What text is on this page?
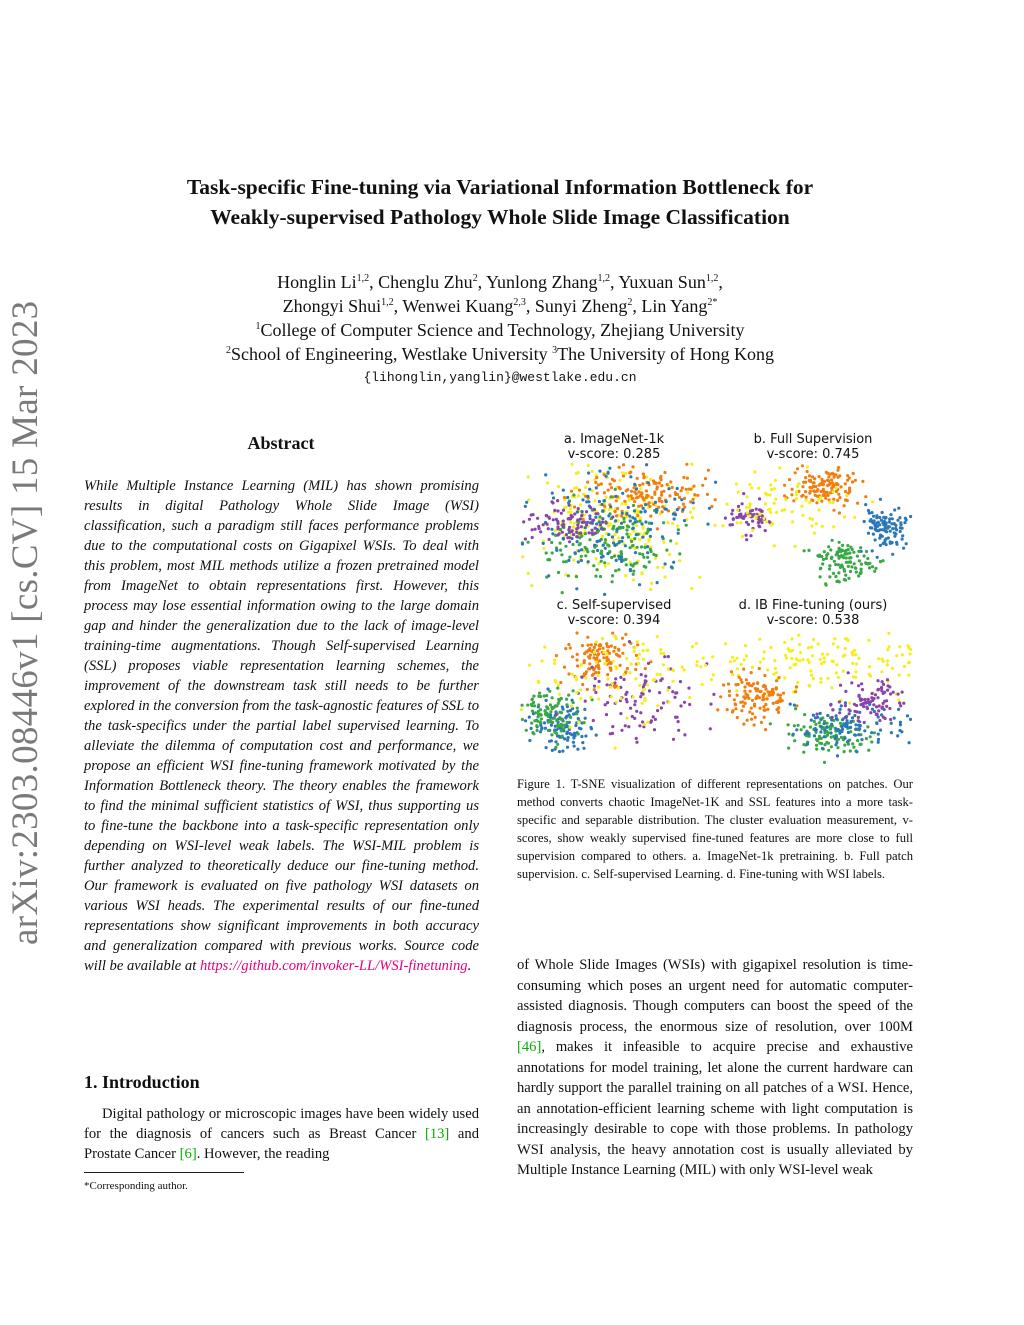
arXiv:2303.08446v1 [cs.CV] 15 Mar 2023
Task-specific Fine-tuning via Variational Information Bottleneck for
Weakly-supervised Pathology Whole Slide Image Classification
Honglin Li$^{1,2}$, Chenglu Zhu$^2$, Yunlong Zhang$^{1,2}$, Yuxuan Sun$^{1,2}$,
Zhongyi Shui$^{1,2}$, Wenwei Kuang$^{2,3}$, Sunyi Zheng$^2$, Lin Yang$^{2*}$
$^1$College of Computer Science and Technology, Zhejiang University
$^2$School of Engineering, Westlake University $^3$The University of Hong Kong
{lihonglin,yanglin}@westlake.edu.cn
Abstract
While Multiple Instance Learning (MIL) has shown promising results in digital Pathology Whole Slide Image (WSI) classification, such a paradigm still faces performance problems due to the computational costs on Gigapixel WSIs. To deal with this problem, most MIL methods utilize a frozen pretrained model from ImageNet to obtain representations first. However, this process may lose essential information owing to the large domain gap and hinder the generalization due to the lack of image-level training-time augmentations. Though Self-supervised Learning (SSL) proposes viable representation learning schemes, the improvement of the downstream task still needs to be further explored in the conversion from the task-agnostic features of SSL to the task-specifics under the partial label supervised learning. To alleviate the dilemma of computation cost and performance, we propose an efficient WSI fine-tuning framework motivated by the Information Bottleneck theory. The theory enables the framework to find the minimal sufficient statistics of WSI, thus supporting us to fine-tune the backbone into a task-specific representation only depending on WSI-level weak labels. The WSI-MIL problem is further analyzed to theoretically deduce our fine-tuning method. Our framework is evaluated on five pathology WSI datasets on various WSI heads. The experimental results of our fine-tuned representations show significant improvements in both accuracy and generalization compared with previous works. Source code will be available at https://github.com/invoker-LL/WSI-finetuning.
1. Introduction
Digital pathology or microscopic images have been widely used for the diagnosis of cancers such as Breast Cancer [13] and Prostate Cancer [6]. However, the reading
*Corresponding author.
a. ImageNet-1k
v-score: 0.285
b. Full Supervision
v-score: 0.745
c. Self-supervised
v-score: 0.394
d. IB Fine-tuning (ours)
v-score: 0.538
Figure 1. T-SNE visualization of different representations on patches. Our method converts chaotic ImageNet-1K and SSL features into a more task-specific and separable distribution. The cluster evaluation measurement, v-scores, show weakly supervised fine-tuned features are more close to full supervision compared to others. a. ImageNet-1k pretraining. b. Full patch supervision. c. Self-supervised Learning. d. Fine-tuning with WSI labels.
of Whole Slide Images (WSIs) with gigapixel resolution is time-consuming which poses an urgent need for automatic computer-assisted diagnosis. Though computers can boost the speed of the diagnosis process, the enormous size of resolution, over 100M [46], makes it infeasible to acquire precise and exhaustive annotations for model training, let alone the current hardware can hardly support the parallel training on all patches of a WSI. Hence, an annotation-efficient learning scheme with light computation is increasingly desirable to cope with those problems. In pathology WSI analysis, the heavy annotation cost is usually alleviated by Multiple Instance Learning (MIL) with only WSI-level weak
